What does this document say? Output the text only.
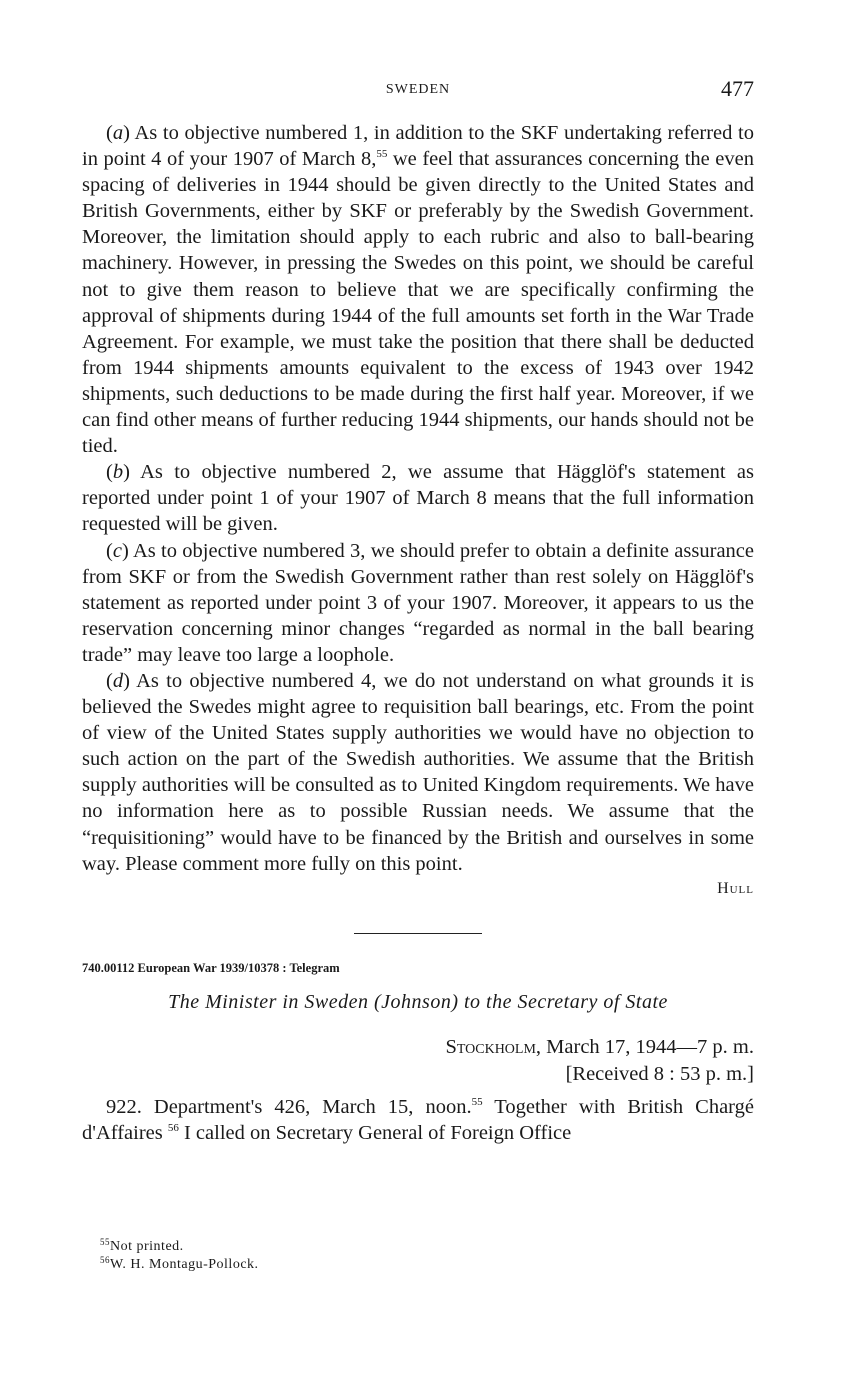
SWEDEN	477

(a) As to objective numbered 1, in addition to the SKF undertaking referred to in point 4 of your 1907 of March 8,55 we feel that assurances concerning the even spacing of deliveries in 1944 should be given directly to the United States and British Governments, either by SKF or preferably by the Swedish Government. Moreover, the limitation should apply to each rubric and also to ball-bearing machinery. However, in pressing the Swedes on this point, we should be careful not to give them reason to believe that we are specifically confirming the approval of shipments during 1944 of the full amounts set forth in the War Trade Agreement. For example, we must take the position that there shall be deducted from 1944 shipments amounts equivalent to the excess of 1943 over 1942 shipments, such deductions to be made during the first half year. Moreover, if we can find other means of further reducing 1944 shipments, our hands should not be tied.

(b) As to objective numbered 2, we assume that Hägglöf's statement as reported under point 1 of your 1907 of March 8 means that the full information requested will be given.

(c) As to objective numbered 3, we should prefer to obtain a definite assurance from SKF or from the Swedish Government rather than rest solely on Hägglöf's statement as reported under point 3 of your 1907. Moreover, it appears to us the reservation concerning minor changes “regarded as normal in the ball bearing trade” may leave too large a loophole.

(d) As to objective numbered 4, we do not understand on what grounds it is believed the Swedes might agree to requisition ball bearings, etc. From the point of view of the United States supply authorities we would have no objection to such action on the part of the Swedish authorities. We assume that the British supply authorities will be consulted as to United Kingdom requirements. We have no information here as to possible Russian needs. We assume that the “requisitioning” would have to be financed by the British and ourselves in some way. Please comment more fully on this point.

Hull

740.00112 European War 1939/10378 : Telegram

The Minister in Sweden (Johnson) to the Secretary of State

Stockholm, March 17, 1944—7 p. m.

[Received 8 : 53 p. m.]

922. Department's 426, March 15, noon.$^{55}$ Together with British Chargé d'Affaires $^{56}$ I called on Secretary General of Foreign Office

$^{55}$Not printed.

$^{56}$W. H. Montagu-Pollock.
